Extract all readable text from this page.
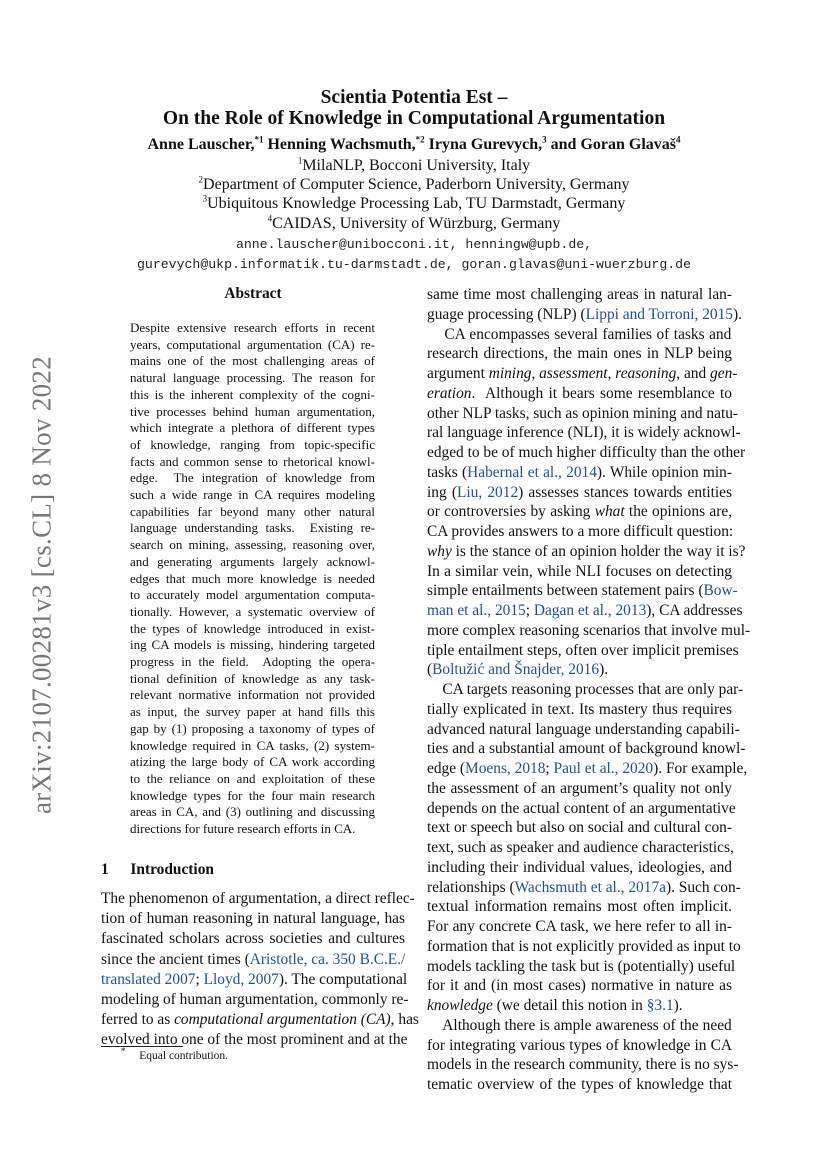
arXiv:2107.00281v3 [cs.CL] 8 Nov 2022
Scientia Potentia Est –
On the Role of Knowledge in Computational Argumentation
Anne Lauscher,$^{*1}$ Henning Wachsmuth,$^{*2}$ Iryna Gurevych,$^3$ and Goran Glavaš$^4$
$^1$MilaNLP, Bocconi University, Italy
$^2$Department of Computer Science, Paderborn University, Germany
$^3$Ubiquitous Knowledge Processing Lab, TU Darmstadt, Germany
$^4$CAIDAS, University of Würzburg, Germany
anne.lauscher@unibocconi.it, henningw@upb.de,
gurevych@ukp.informatik.tu-darmstadt.de, goran.glavas@uni-wuerzburg.de
Abstract
Despite extensive research efforts in recent
years, computational argumentation (CA) re-
mains one of the most challenging areas of
natural language processing. The reason for
this is the inherent complexity of the cogni-
tive processes behind human argumentation,
which integrate a plethora of different types
of knowledge, ranging from topic-specific
facts and common sense to rhetorical knowl-
edge.  The integration of knowledge from
such a wide range in CA requires modeling
capabilities far beyond many other natural
language understanding tasks.  Existing re-
search on mining, assessing, reasoning over,
and generating arguments largely acknowl-
edges that much more knowledge is needed
to accurately model argumentation computa-
tionally. However, a systematic overview of
the types of knowledge introduced in exist-
ing CA models is missing, hindering targeted
progress in the field.  Adopting the opera-
tional definition of knowledge as any task-
relevant normative information not provided
as input, the survey paper at hand fills this
gap by (1) proposing a taxonomy of types of
knowledge required in CA tasks, (2) system-
atizing the large body of CA work according
to the reliance on and exploitation of these
knowledge types for the four main research
areas in CA, and (3) outlining and discussing
directions for future research efforts in CA.
1 Introduction
The phenomenon of argumentation, a direct reflec-
tion of human reasoning in natural language, has
fascinated scholars across societies and cultures
since the ancient times (Aristotle, ca. 350 B.C.E./
translated 2007; Lloyd, 2007). The computational
modeling of human argumentation, commonly re-
ferred to as computational argumentation (CA), has
evolved into one of the most prominent and at the
* Equal contribution.
same time most challenging areas in natural lan-
guage processing (NLP) (Lippi and Torroni, 2015).
CA encompasses several families of tasks and
research directions, the main ones in NLP being
argument mining, assessment, reasoning, and gen-
eration.  Although it bears some resemblance to
other NLP tasks, such as opinion mining and natu-
ral language inference (NLI), it is widely acknowl-
edged to be of much higher difficulty than the other
tasks (Habernal et al., 2014). While opinion min-
ing (Liu, 2012) assesses stances towards entities
or controversies by asking what the opinions are,
CA provides answers to a more difficult question:
why is the stance of an opinion holder the way it is?
In a similar vein, while NLI focuses on detecting
simple entailments between statement pairs (Bow-
man et al., 2015; Dagan et al., 2013), CA addresses
more complex reasoning scenarios that involve mul-
tiple entailment steps, often over implicit premises
(Boltužić and Šnajder, 2016).
CA targets reasoning processes that are only par-
tially explicated in text. Its mastery thus requires
advanced natural language understanding capabili-
ties and a substantial amount of background knowl-
edge (Moens, 2018; Paul et al., 2020). For example,
the assessment of an argument’s quality not only
depends on the actual content of an argumentative
text or speech but also on social and cultural con-
text, such as speaker and audience characteristics,
including their individual values, ideologies, and
relationships (Wachsmuth et al., 2017a). Such con-
textual information remains most often implicit.
For any concrete CA task, we here refer to all in-
formation that is not explicitly provided as input to
models tackling the task but is (potentially) useful
for it and (in most cases) normative in nature as
knowledge (we detail this notion in §3.1).
Although there is ample awareness of the need
for integrating various types of knowledge in CA
models in the research community, there is no sys-
tematic overview of the types of knowledge that
